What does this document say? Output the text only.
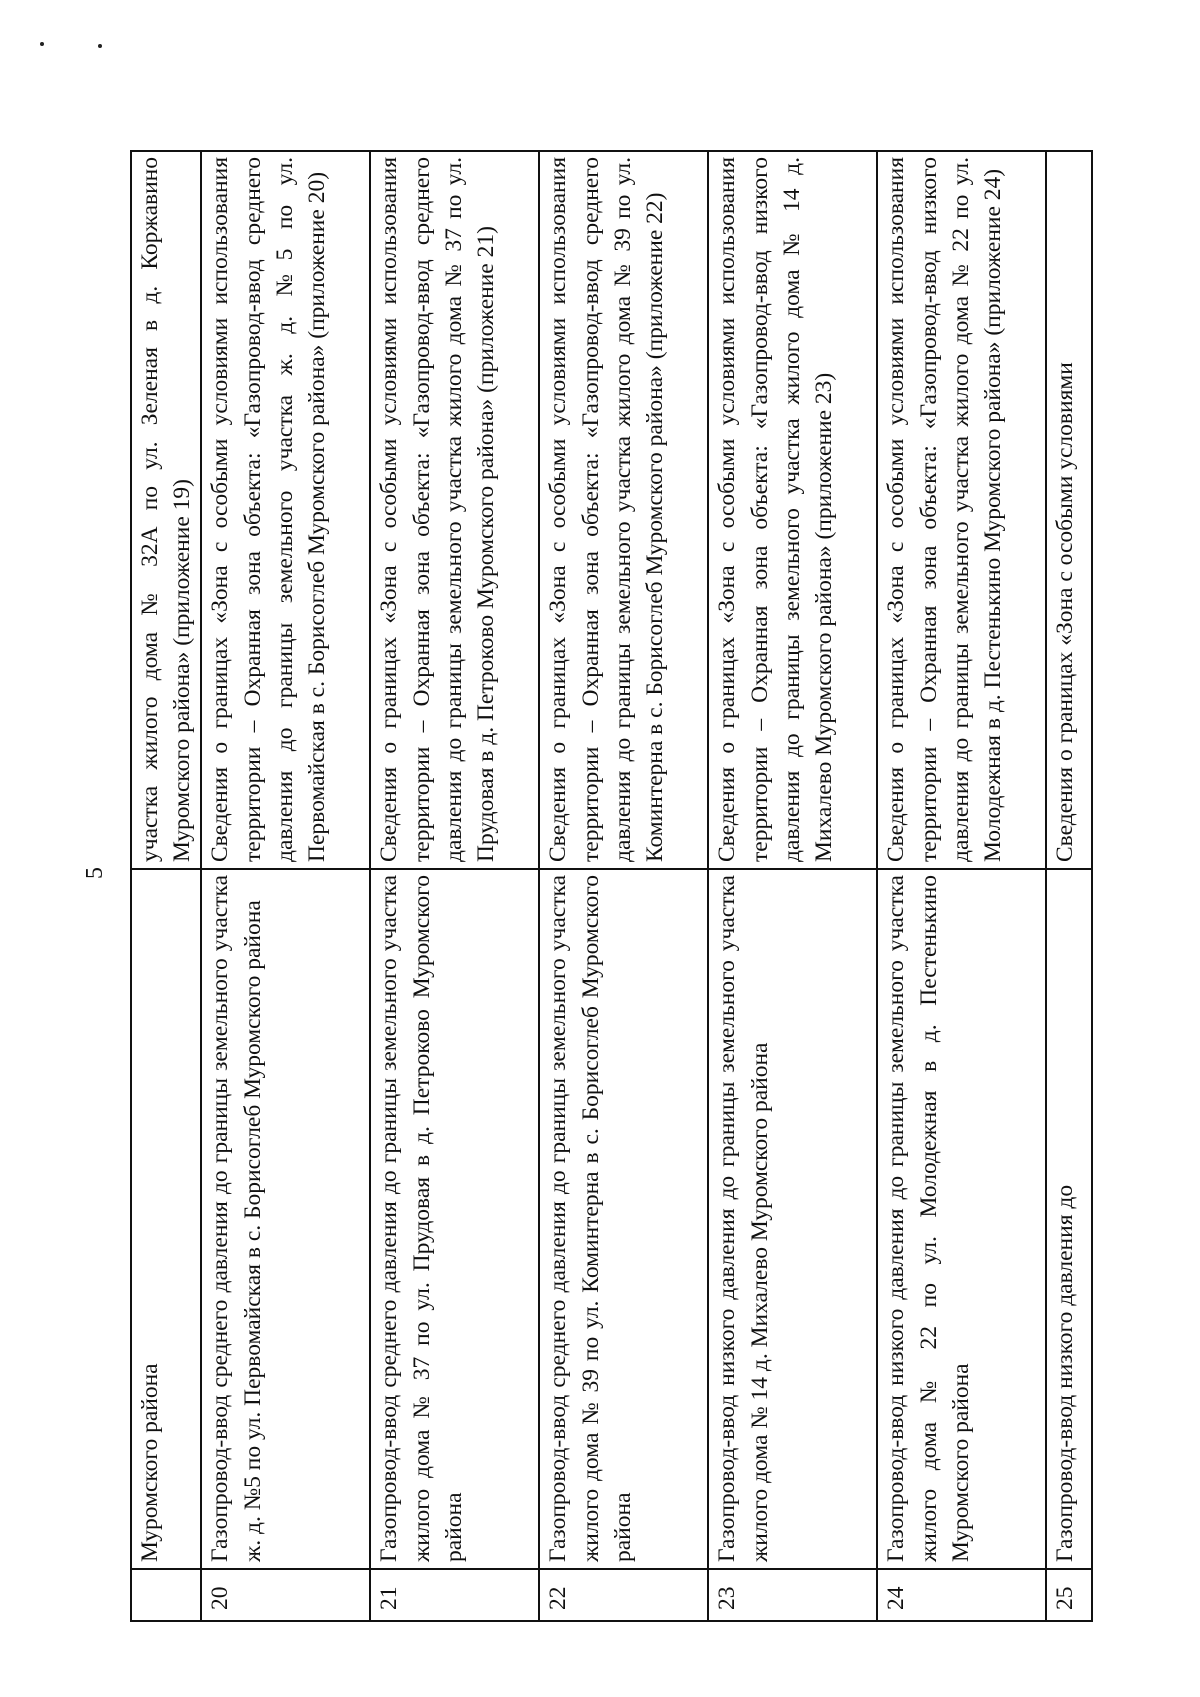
5
	Муромского района	участка жилого дома № 32А по ул. Зеленая в д. Коржавино Муромского района» (приложение 19)
20	Газопровод-ввод среднего давления до границы земельного участка ж. д. №5 по ул. Первомайская в с. Борисоглеб Муромского района	Сведения о границах «Зона с особыми условиями использования территории – Охранная зона объекта: «Газопровод-ввод среднего давления до границы земельного участка ж. д. №5 по ул. Первомайская в с. Борисоглеб Муромского района» (приложение 20)
21	Газопровод-ввод среднего давления до границы земельного участка жилого дома № 37 по ул. Прудовая в д. Петроково Муромского района	Сведения о границах «Зона с особыми условиями использования территории – Охранная зона объекта: «Газопровод-ввод среднего давления до границы земельного участка жилого дома № 37 по ул. Прудовая в д. Петроково Муромского района» (приложение 21)
22	Газопровод-ввод среднего давления до границы земельного участка жилого дома № 39 по ул. Коминтерна в с. Борисоглеб Муромского района	Сведения о границах «Зона с особыми условиями использования территории – Охранная зона объекта: «Газопровод-ввод среднего давления до границы земельного участка жилого дома № 39 по ул. Коминтерна в с. Борисоглеб Муромского района» (приложение 22)
23	Газопровод-ввод низкого давления до границы земельного участка жилого дома № 14 д. Михалево Муромского района	Сведения о границах «Зона с особыми условиями использования территории – Охранная зона объекта: «Газопровод-ввод низкого давления до границы земельного участка жилого дома № 14 д. Михалево Муромского района» (приложение 23)
24	Газопровод-ввод низкого давления до границы земельного участка жилого дома № 22 по ул. Молодежная в д. Пестенькино Муромского района	Сведения о границах «Зона с особыми условиями использования территории – Охранная зона объекта: «Газопровод-ввод низкого давления до границы земельного участка жилого дома № 22 по ул. Молодежная в д. Пестенькино Муромского района» (приложение 24)
25	Газопровод-ввод низкого давления до	Сведения о границах «Зона с особыми условиями
